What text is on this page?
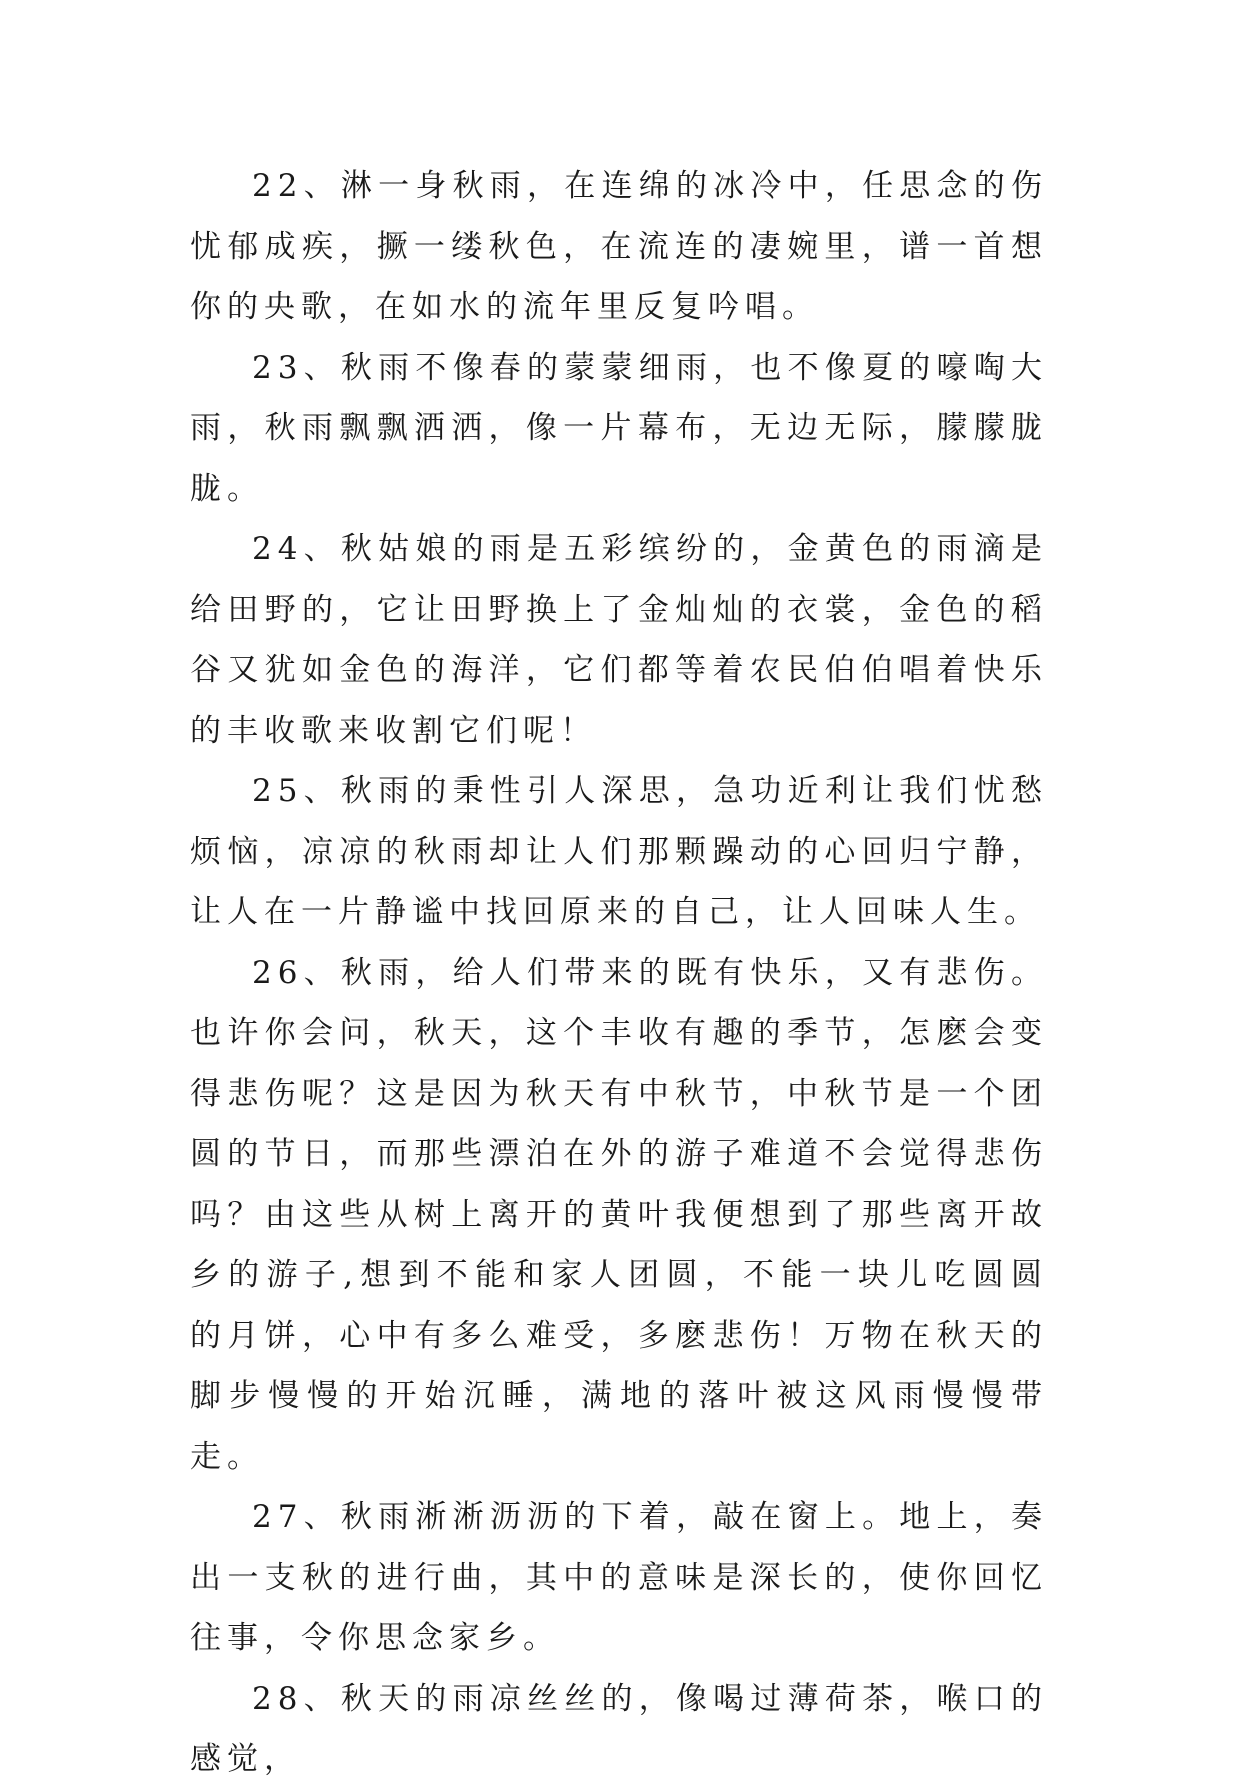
22、淋一身秋雨，在连绵的冰冷中，任思念的伤忧郁成疾，撅一缕秋色，在流连的凄婉里，谱一首想你的央歌，在如水的流年里反复吟唱。

23、秋雨不像春的蒙蒙细雨，也不像夏的嚎啕大雨，秋雨飘飘洒洒，像一片幕布，无边无际，朦朦胧胧。

24、秋姑娘的雨是五彩缤纷的，金黄色的雨滴是给田野的，它让田野换上了金灿灿的衣裳，金色的稻谷又犹如金色的海洋，它们都等着农民伯伯唱着快乐的丰收歌来收割它们呢！

25、秋雨的秉性引人深思，急功近利让我们忧愁烦恼，凉凉的秋雨却让人们那颗躁动的心回归宁静，让人在一片静谧中找回原来的自己，让人回味人生。

26、秋雨，给人们带来的既有快乐，又有悲伤。也许你会问，秋天，这个丰收有趣的季节，怎麽会变得悲伤呢？这是因为秋天有中秋节，中秋节是一个团圆的节日，而那些漂泊在外的游子难道不会觉得悲伤吗？由这些从树上离开的黄叶我便想到了那些离开故乡的游子,想到不能和家人团圆，不能一块儿吃圆圆的月饼，心中有多么难受，多麽悲伤！万物在秋天的脚步慢慢的开始沉睡，满地的落叶被这风雨慢慢带走。

27、秋雨淅淅沥沥的下着，敲在窗上。地上，奏出一支秋的进行曲，其中的意味是深长的，使你回忆往事，令你思念家乡。

28、秋天的雨凉丝丝的，像喝过薄荷茶，喉口的感觉，
